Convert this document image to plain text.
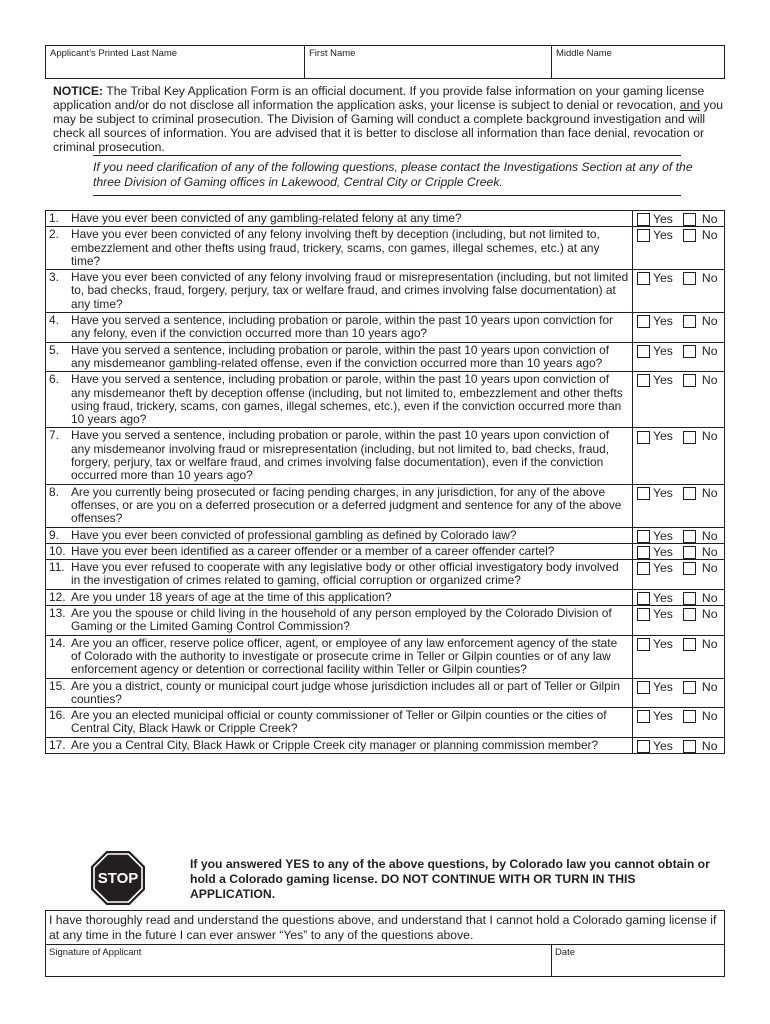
Applicant’s Printed Last Name	First Name	Middle Name
NOTICE: The Tribal Key Application Form is an official document. If you provide false information on your gaming license application and/or do not disclose all information the application asks, your license is subject to denial or revocation, and you may be subject to criminal prosecution. The Division of Gaming will conduct a complete background investigation and will check all sources of information. You are advised that it is better to disclose all information than face denial, revocation or criminal prosecution.
If you need clarification of any of the following questions, please contact the Investigations Section at any of the three Division of Gaming offices in Lakewood, Central City or Cripple Creek.
1. Have you ever been convicted of any gambling-related felony at any time?	Yes No

2. Have you ever been convicted of any felony involving theft by deception (including, but not limited to, embezzlement and other thefts using fraud, trickery, scams, con games, illegal schemes, etc.) at any time?	Yes No

3. Have you ever been convicted of any felony involving fraud or misrepresentation (including, but not limited to, bad checks, fraud, forgery, perjury, tax or welfare fraud, and crimes involving false documentation) at any time?	Yes No

4. Have you served a sentence, including probation or parole, within the past 10 years upon conviction for any felony, even if the conviction occurred more than 10 years ago?	Yes No

5. Have you served a sentence, including probation or parole, within the past 10 years upon conviction of any misdemeanor gambling-related offense, even if the conviction occurred more than 10 years ago?	Yes No

6. Have you served a sentence, including probation or parole, within the past 10 years upon conviction of any misdemeanor theft by deception offense (including, but not limited to, embezzlement and other thefts using fraud, trickery, scams, con games, illegal schemes, etc.), even if the conviction occurred more than 10 years ago?	Yes No

7. Have you served a sentence, including probation or parole, within the past 10 years upon conviction of any misdemeanor involving fraud or misrepresentation (including, but not limited to, bad checks, fraud, forgery, perjury, tax or welfare fraud, and crimes involving false documentation), even if the conviction occurred more than 10 years ago?	Yes No

8. Are you currently being prosecuted or facing pending charges, in any jurisdiction, for any of the above offenses, or are you on a deferred prosecution or a deferred judgment and sentence for any of the above offenses?	Yes No

9. Have you ever been convicted of professional gambling as defined by Colorado law?	Yes No

10. Have you ever been identified as a career offender or a member of a career offender cartel?	Yes No

11. Have you ever refused to cooperate with any legislative body or other official investigatory body involved in the investigation of crimes related to gaming, official corruption or organized crime?	Yes No

12. Are you under 18 years of age at the time of this application?	Yes No

13. Are you the spouse or child living in the household of any person employed by the Colorado Division of Gaming or the Limited Gaming Control Commission?	Yes No

14. Are you an officer, reserve police officer, agent, or employee of any law enforcement agency of the state of Colorado with the authority to investigate or prosecute crime in Teller or Gilpin counties or of any law enforcement agency or detention or correctional facility within Teller or Gilpin counties?	Yes No

15. Are you a district, county or municipal court judge whose jurisdiction includes all or part of Teller or Gilpin counties?	Yes No

16. Are you an elected municipal official or county commissioner of Teller or Gilpin counties or the cities of Central City, Black Hawk or Cripple Creek?	Yes No

17. Are you a Central City, Black Hawk or Cripple Creek city manager or planning commission member?	Yes No
STOP
If you answered YES to any of the above questions, by Colorado law you cannot obtain or hold a Colorado gaming license. DO NOT CONTINUE WITH OR TURN IN THIS APPLICATION.
I have thoroughly read and understand the questions above, and understand that I cannot hold a Colorado gaming license if at any time in the future I can ever answer “Yes” to any of the questions above.
Signature of Applicant	Date
